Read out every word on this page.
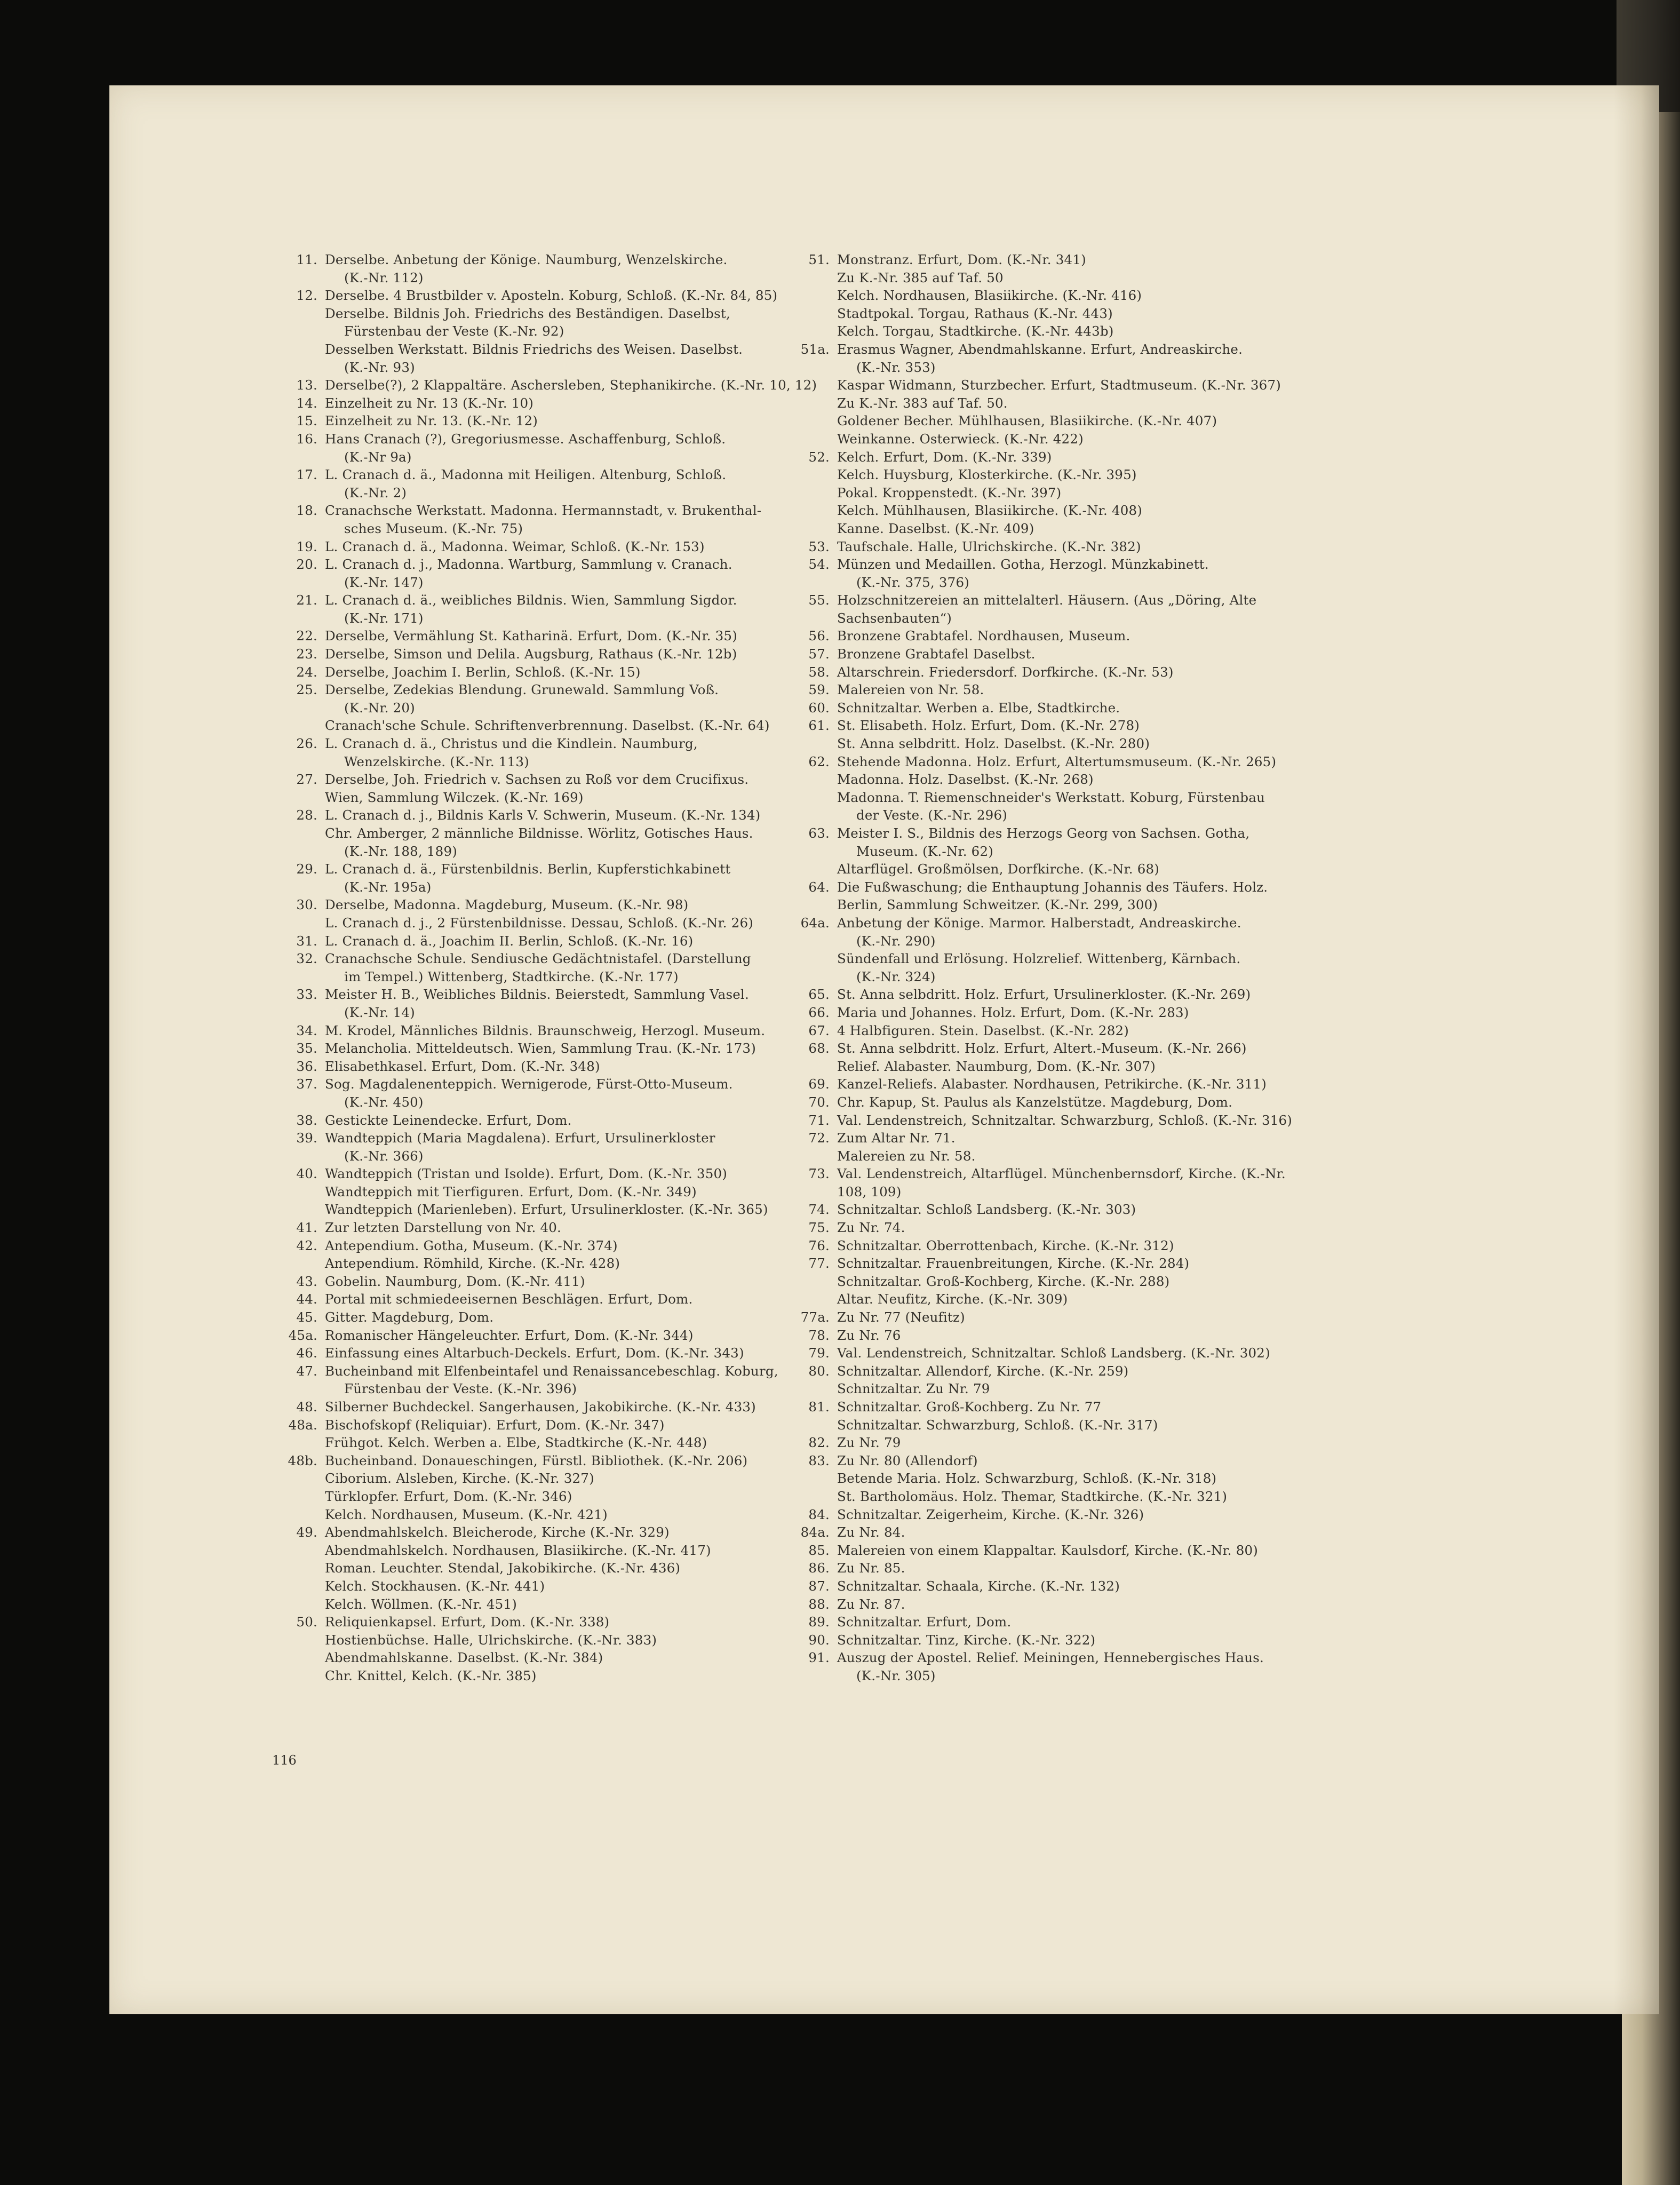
11. Derselbe. Anbetung der Könige. Naumburg, Wenzelskirche.
(K.-Nr. 112)
12. Derselbe. 4 Brustbilder v. Aposteln. Koburg, Schloß. (K.-Nr. 84, 85)
Derselbe. Bildnis Joh. Friedrichs des Beständigen. Daselbst,
Fürstenbau der Veste (K.-Nr. 92)
Desselben Werkstatt. Bildnis Friedrichs des Weisen. Daselbst.
(K.-Nr. 93)
13. Derselbe(?), 2 Klappaltäre. Aschersleben, Stephanikirche. (K.-Nr. 10, 12)
14. Einzelheit zu Nr. 13 (K.-Nr. 10)
15. Einzelheit zu Nr. 13. (K.-Nr. 12)
16. Hans Cranach (?), Gregoriusmesse. Aschaffenburg, Schloß.
(K.-Nr 9a)
17. L. Cranach d. ä., Madonna mit Heiligen. Altenburg, Schloß.
(K.-Nr. 2)
18. Cranachsche Werkstatt. Madonna. Hermannstadt, v. Brukenthal-
sches Museum. (K.-Nr. 75)
19. L. Cranach d. ä., Madonna. Weimar, Schloß. (K.-Nr. 153)
20. L. Cranach d. j., Madonna. Wartburg, Sammlung v. Cranach.
(K.-Nr. 147)
21. L. Cranach d. ä., weibliches Bildnis. Wien, Sammlung Sigdor.
(K.-Nr. 171)
22. Derselbe, Vermählung St. Katharinä. Erfurt, Dom. (K.-Nr. 35)
23. Derselbe, Simson und Delila. Augsburg, Rathaus (K.-Nr. 12b)
24. Derselbe, Joachim I. Berlin, Schloß. (K.-Nr. 15)
25. Derselbe, Zedekias Blendung. Grunewald. Sammlung Voß.
(K.-Nr. 20)
Cranach'sche Schule. Schriftenverbrennung. Daselbst. (K.-Nr. 64)
26. L. Cranach d. ä., Christus und die Kindlein. Naumburg,
Wenzelskirche. (K.-Nr. 113)
27. Derselbe, Joh. Friedrich v. Sachsen zu Roß vor dem Crucifixus.
Wien, Sammlung Wilczek. (K.-Nr. 169)
28. L. Cranach d. j., Bildnis Karls V. Schwerin, Museum. (K.-Nr. 134)
Chr. Amberger, 2 männliche Bildnisse. Wörlitz, Gotisches Haus.
(K.-Nr. 188, 189)
29. L. Cranach d. ä., Fürstenbildnis. Berlin, Kupferstichkabinett
(K.-Nr. 195a)
30. Derselbe, Madonna. Magdeburg, Museum. (K.-Nr. 98)
L. Cranach d. j., 2 Fürstenbildnisse. Dessau, Schloß. (K.-Nr. 26)
31. L. Cranach d. ä., Joachim II. Berlin, Schloß. (K.-Nr. 16)
32. Cranachsche Schule. Sendiusche Gedächtnistafel. (Darstellung
im Tempel.) Wittenberg, Stadtkirche. (K.-Nr. 177)
33. Meister H. B., Weibliches Bildnis. Beierstedt, Sammlung Vasel.
(K.-Nr. 14)
34. M. Krodel, Männliches Bildnis. Braunschweig, Herzogl. Museum.
35. Melancholia. Mitteldeutsch. Wien, Sammlung Trau. (K.-Nr. 173)
36. Elisabethkasel. Erfurt, Dom. (K.-Nr. 348)
37. Sog. Magdalenenteppich. Wernigerode, Fürst-Otto-Museum.
(K.-Nr. 450)
38. Gestickte Leinendecke. Erfurt, Dom.
39. Wandteppich (Maria Magdalena). Erfurt, Ursulinerkloster
(K.-Nr. 366)
40. Wandteppich (Tristan und Isolde). Erfurt, Dom. (K.-Nr. 350)
Wandteppich mit Tierfiguren. Erfurt, Dom. (K.-Nr. 349)
Wandteppich (Marienleben). Erfurt, Ursulinerkloster. (K.-Nr. 365)
41. Zur letzten Darstellung von Nr. 40.
42. Antependium. Gotha, Museum. (K.-Nr. 374)
Antependium. Römhild, Kirche. (K.-Nr. 428)
43. Gobelin. Naumburg, Dom. (K.-Nr. 411)
44. Portal mit schmiedeeisernen Beschlägen. Erfurt, Dom.
45. Gitter. Magdeburg, Dom.
45a. Romanischer Hängeleuchter. Erfurt, Dom. (K.-Nr. 344)
46. Einfassung eines Altarbuch-Deckels. Erfurt, Dom. (K.-Nr. 343)
47. Bucheinband mit Elfenbeintafel und Renaissancebeschlag. Koburg,
Fürstenbau der Veste. (K.-Nr. 396)
48. Silberner Buchdeckel. Sangerhausen, Jakobikirche. (K.-Nr. 433)
48a. Bischofskopf (Reliquiar). Erfurt, Dom. (K.-Nr. 347)
Frühgot. Kelch. Werben a. Elbe, Stadtkirche (K.-Nr. 448)
48b. Bucheinband. Donaueschingen, Fürstl. Bibliothek. (K.-Nr. 206)
Ciborium. Alsleben, Kirche. (K.-Nr. 327)
Türklopfer. Erfurt, Dom. (K.-Nr. 346)
Kelch. Nordhausen, Museum. (K.-Nr. 421)
49. Abendmahlskelch. Bleicherode, Kirche (K.-Nr. 329)
Abendmahlskelch. Nordhausen, Blasiikirche. (K.-Nr. 417)
Roman. Leuchter. Stendal, Jakobikirche. (K.-Nr. 436)
Kelch. Stockhausen. (K.-Nr. 441)
Kelch. Wöllmen. (K.-Nr. 451)
50. Reliquienkapsel. Erfurt, Dom. (K.-Nr. 338)
Hostienbüchse. Halle, Ulrichskirche. (K.-Nr. 383)
Abendmahlskanne. Daselbst. (K.-Nr. 384)
Chr. Knittel, Kelch. (K.-Nr. 385)
51. Monstranz. Erfurt, Dom. (K.-Nr. 341)
Zu K.-Nr. 385 auf Taf. 50
Kelch. Nordhausen, Blasiikirche. (K.-Nr. 416)
Stadtpokal. Torgau, Rathaus (K.-Nr. 443)
Kelch. Torgau, Stadtkirche. (K.-Nr. 443b)
51a. Erasmus Wagner, Abendmahlskanne. Erfurt, Andreaskirche.
(K.-Nr. 353)
Kaspar Widmann, Sturzbecher. Erfurt, Stadtmuseum. (K.-Nr. 367)
Zu K.-Nr. 383 auf Taf. 50.
Goldener Becher. Mühlhausen, Blasiikirche. (K.-Nr. 407)
Weinkanne. Osterwieck. (K.-Nr. 422)
52. Kelch. Erfurt, Dom. (K.-Nr. 339)
Kelch. Huysburg, Klosterkirche. (K.-Nr. 395)
Pokal. Kroppenstedt. (K.-Nr. 397)
Kelch. Mühlhausen, Blasiikirche. (K.-Nr. 408)
Kanne. Daselbst. (K.-Nr. 409)
53. Taufschale. Halle, Ulrichskirche. (K.-Nr. 382)
54. Münzen und Medaillen. Gotha, Herzogl. Münzkabinett.
(K.-Nr. 375, 376)
55. Holzschnitzereien an mittelalterl. Häusern. (Aus „Döring, Alte
Sachsenbauten“)
56. Bronzene Grabtafel. Nordhausen, Museum.
57. Bronzene Grabtafel Daselbst.
58. Altarschrein. Friedersdorf. Dorfkirche. (K.-Nr. 53)
59. Malereien von Nr. 58.
60. Schnitzaltar. Werben a. Elbe, Stadtkirche.
61. St. Elisabeth. Holz. Erfurt, Dom. (K.-Nr. 278)
St. Anna selbdritt. Holz. Daselbst. (K.-Nr. 280)
62. Stehende Madonna. Holz. Erfurt, Altertumsmuseum. (K.-Nr. 265)
Madonna. Holz. Daselbst. (K.-Nr. 268)
Madonna. T. Riemenschneider's Werkstatt. Koburg, Fürstenbau
der Veste. (K.-Nr. 296)
63. Meister I. S., Bildnis des Herzogs Georg von Sachsen. Gotha,
Museum. (K.-Nr. 62)
Altarflügel. Großmölsen, Dorfkirche. (K.-Nr. 68)
64. Die Fußwaschung; die Enthauptung Johannis des Täufers. Holz.
Berlin, Sammlung Schweitzer. (K.-Nr. 299, 300)
64a. Anbetung der Könige. Marmor. Halberstadt, Andreaskirche.
(K.-Nr. 290)
Sündenfall und Erlösung. Holzrelief. Wittenberg, Kärnbach.
(K.-Nr. 324)
65. St. Anna selbdritt. Holz. Erfurt, Ursulinerkloster. (K.-Nr. 269)
66. Maria und Johannes. Holz. Erfurt, Dom. (K.-Nr. 283)
67. 4 Halbfiguren. Stein. Daselbst. (K.-Nr. 282)
68. St. Anna selbdritt. Holz. Erfurt, Altert.-Museum. (K.-Nr. 266)
Relief. Alabaster. Naumburg, Dom. (K.-Nr. 307)
69. Kanzel-Reliefs. Alabaster. Nordhausen, Petrikirche. (K.-Nr. 311)
70. Chr. Kapup, St. Paulus als Kanzelstütze. Magdeburg, Dom.
71. Val. Lendenstreich, Schnitzaltar. Schwarzburg, Schloß. (K.-Nr. 316)
72. Zum Altar Nr. 71.
Malereien zu Nr. 58.
73. Val. Lendenstreich, Altarflügel. Münchenbernsdorf, Kirche. (K.-Nr.
108, 109)
74. Schnitzaltar. Schloß Landsberg. (K.-Nr. 303)
75. Zu Nr. 74.
76. Schnitzaltar. Oberrottenbach, Kirche. (K.-Nr. 312)
77. Schnitzaltar. Frauenbreitungen, Kirche. (K.-Nr. 284)
Schnitzaltar. Groß-Kochberg, Kirche. (K.-Nr. 288)
Altar. Neufitz, Kirche. (K.-Nr. 309)
77a. Zu Nr. 77 (Neufitz)
78. Zu Nr. 76
79. Val. Lendenstreich, Schnitzaltar. Schloß Landsberg. (K.-Nr. 302)
80. Schnitzaltar. Allendorf, Kirche. (K.-Nr. 259)
Schnitzaltar. Zu Nr. 79
81. Schnitzaltar. Groß-Kochberg. Zu Nr. 77
Schnitzaltar. Schwarzburg, Schloß. (K.-Nr. 317)
82. Zu Nr. 79
83. Zu Nr. 80 (Allendorf)
Betende Maria. Holz. Schwarzburg, Schloß. (K.-Nr. 318)
St. Bartholomäus. Holz. Themar, Stadtkirche. (K.-Nr. 321)
84. Schnitzaltar. Zeigerheim, Kirche. (K.-Nr. 326)
84a. Zu Nr. 84.
85. Malereien von einem Klappaltar. Kaulsdorf, Kirche. (K.-Nr. 80)
86. Zu Nr. 85.
87. Schnitzaltar. Schaala, Kirche. (K.-Nr. 132)
88. Zu Nr. 87.
89. Schnitzaltar. Erfurt, Dom.
90. Schnitzaltar. Tinz, Kirche. (K.-Nr. 322)
91. Auszug der Apostel. Relief. Meiningen, Hennebergisches Haus.
(K.-Nr. 305)
116
